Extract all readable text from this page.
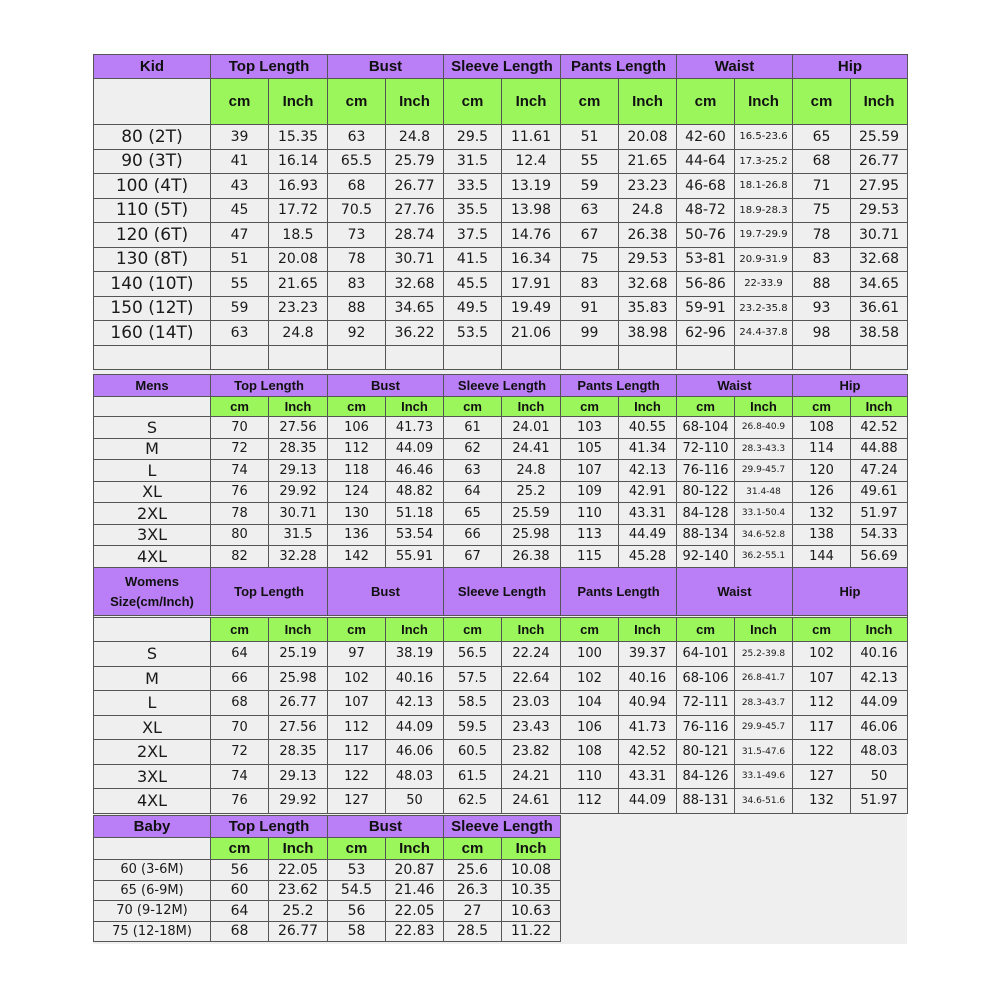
Kid	Top Length		Bust		Sleeve Length		Pants Length		Waist		Hip	
	cm	Inch	cm	Inch	cm	Inch	cm	Inch	cm	Inch	cm	Inch
80 (2T)	39	15.35	63	24.8	29.5	11.61	51	20.08	42-60	16.5-23.6	65	25.59
90 (3T)	41	16.14	65.5	25.79	31.5	12.4	55	21.65	44-64	17.3-25.2	68	26.77
100 (4T)	43	16.93	68	26.77	33.5	13.19	59	23.23	46-68	18.1-26.8	71	27.95
110 (5T)	45	17.72	70.5	27.76	35.5	13.98	63	24.8	48-72	18.9-28.3	75	29.53
120 (6T)	47	18.5	73	28.74	37.5	14.76	67	26.38	50-76	19.7-29.9	78	30.71
130 (8T)	51	20.08	78	30.71	41.5	16.34	75	29.53	53-81	20.9-31.9	83	32.68
140 (10T)	55	21.65	83	32.68	45.5	17.91	83	32.68	56-86	22-33.9	88	34.65
150 (12T)	59	23.23	88	34.65	49.5	19.49	91	35.83	59-91	23.2-35.8	93	36.61
160 (14T)	63	24.8	92	36.22	53.5	21.06	99	38.98	62-96	24.4-37.8	98	38.58

Mens	Top Length		Bust		Sleeve Length		Pants Length		Waist		Hip	
	cm	Inch	cm	Inch	cm	Inch	cm	Inch	cm	Inch	cm	Inch
S	70	27.56	106	41.73	61	24.01	103	40.55	68-104	26.8-40.9	108	42.52
M	72	28.35	112	44.09	62	24.41	105	41.34	72-110	28.3-43.3	114	44.88
L	74	29.13	118	46.46	63	24.8	107	42.13	76-116	29.9-45.7	120	47.24
XL	76	29.92	124	48.82	64	25.2	109	42.91	80-122	31.4-48	126	49.61
2XL	78	30.71	130	51.18	65	25.59	110	43.31	84-128	33.1-50.4	132	51.97
3XL	80	31.5	136	53.54	66	25.98	113	44.49	88-134	34.6-52.8	138	54.33
4XL	82	32.28	142	55.91	67	26.38	115	45.28	92-140	36.2-55.1	144	56.69
Womens
Size(cm/Inch)	Top Length		Bust		Sleeve Length		Pants Length		Waist		Hip	

	cm	Inch	cm	Inch	cm	Inch	cm	Inch	cm	Inch	cm	Inch
S	64	25.19	97	38.19	56.5	22.24	100	39.37	64-101	25.2-39.8	102	40.16
M	66	25.98	102	40.16	57.5	22.64	102	40.16	68-106	26.8-41.7	107	42.13
L	68	26.77	107	42.13	58.5	23.03	104	40.94	72-111	28.3-43.7	112	44.09
XL	70	27.56	112	44.09	59.5	23.43	106	41.73	76-116	29.9-45.7	117	46.06
2XL	72	28.35	117	46.06	60.5	23.82	108	42.52	80-121	31.5-47.6	122	48.03
3XL	74	29.13	122	48.03	61.5	24.21	110	43.31	84-126	33.1-49.6	127	50
4XL	76	29.92	127	50	62.5	24.61	112	44.09	88-131	34.6-51.6	132	51.97
Baby	Top Length		Bust		Sleeve Length	
	cm	Inch	cm	Inch	cm	Inch
60 (3-6M)	56	22.05	53	20.87	25.6	10.08
65 (6-9M)	60	23.62	54.5	21.46	26.3	10.35
70 (9-12M)	64	25.2	56	22.05	27	10.63
75 (12-18M)	68	26.77	58	22.83	28.5	11.22
